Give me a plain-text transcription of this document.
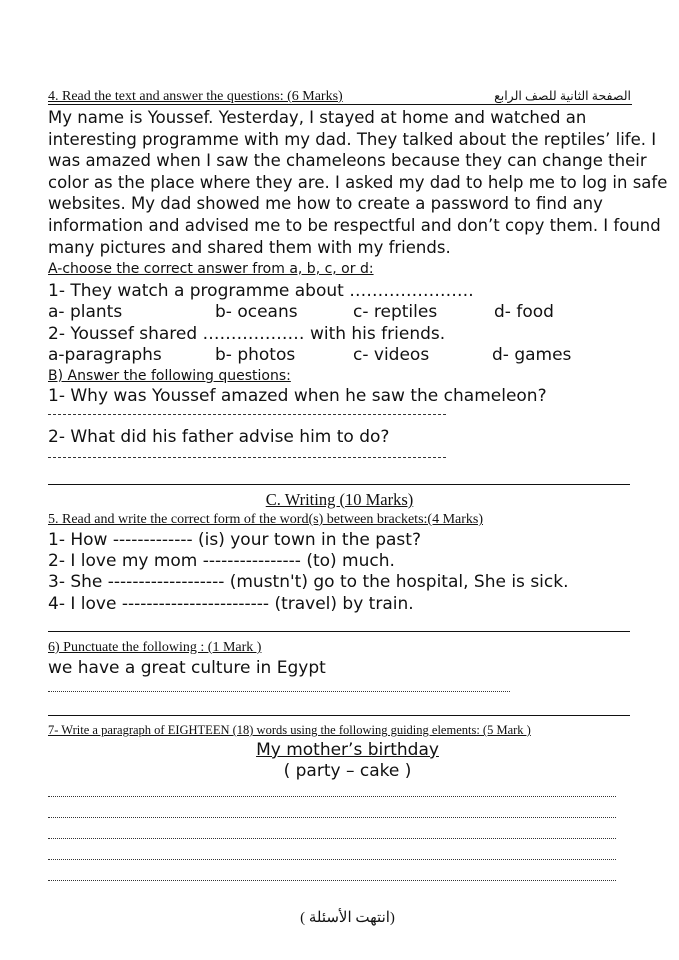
4. Read the text and answer the questions: (6 Marks)	الصفحة الثانية للصف الرابع
My name is Youssef. Yesterday, I stayed at home and watched an
interesting programme with my dad. They talked about the reptiles’ life. I
was amazed when I saw the chameleons because they can change their
color as the place where they are. I asked my dad to help me to log in safe
websites. My dad showed me how to create a password to find any
information and advised me to be respectful and don’t copy them. I found
many pictures and shared them with my friends.
A-choose the correct answer from a, b, c, or d:
1- They watch a programme about ………………….
a- plants	b- oceans	c- reptiles	d- food
2- Youssef shared ……………… with his friends.
a-paragraphs	b- photos	c- videos	d- games
B) Answer the following questions:
1- Why was Youssef amazed when he saw the chameleon?
2- What did his father advise him to do?
C. Writing (10 Marks)
5. Read and write the correct form of the word(s) between brackets:(4 Marks)
1- How ------------- (is) your town in the past?
2- I love my mom ---------------- (to) much.
3- She ------------------- (mustn't) go to the hospital, She is sick.
4- I love ------------------------ (travel) by train.
6) Punctuate the following : (1 Mark )
we have a great culture in Egypt
7- Write a paragraph of EIGHTEEN (18) words using the following guiding elements: (5 Mark )
My mother’s birthday
( party – cake )
(انتهت الأسئلة )
